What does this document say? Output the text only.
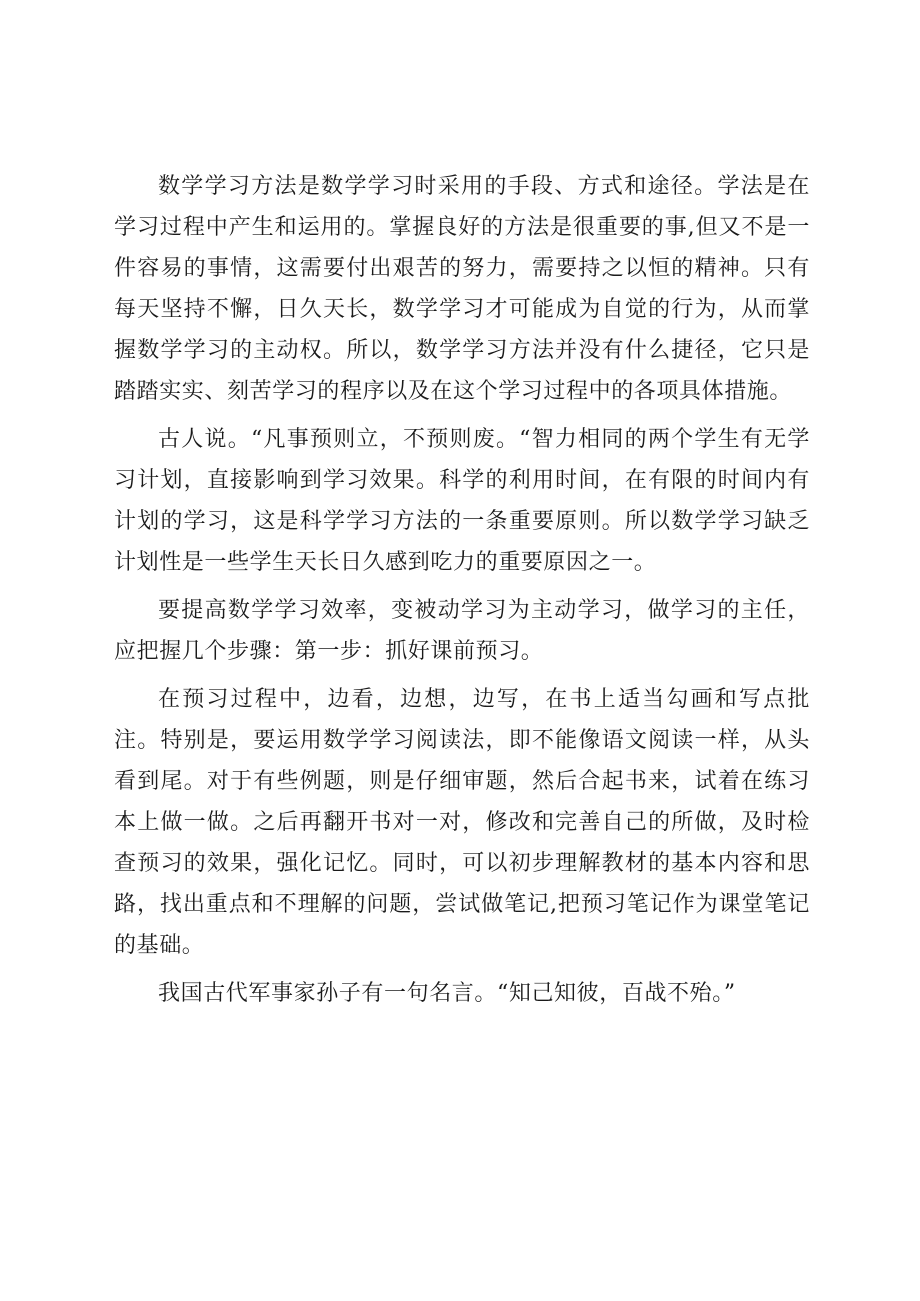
数学学习方法是数学学习时采用的手段、方式和途径。学法是在学习过程中产生和运用的。掌握良好的方法是很重要的事,但又不是一件容易的事情，这需要付出艰苦的努力，需要持之以恒的精神。只有每天坚持不懈，日久天长，数学学习才可能成为自觉的行为，从而掌握数学学习的主动权。所以，数学学习方法并没有什么捷径，它只是踏踏实实、刻苦学习的程序以及在这个学习过程中的各项具体措施。

古人说。“凡事预则立，不预则废。“智力相同的两个学生有无学习计划，直接影响到学习效果。科学的利用时间，在有限的时间内有计划的学习，这是科学学习方法的一条重要原则。所以数学学习缺乏计划性是一些学生天长日久感到吃力的重要原因之一。

要提高数学学习效率，变被动学习为主动学习，做学习的主任，应把握几个步骤：第一步：抓好课前预习。

在预习过程中，边看，边想，边写，在书上适当勾画和写点批注。特别是，要运用数学学习阅读法，即不能像语文阅读一样，从头看到尾。对于有些例题，则是仔细审题，然后合起书来，试着在练习本上做一做。之后再翻开书对一对，修改和完善自己的所做，及时检查预习的效果，强化记忆。同时，可以初步理解教材的基本内容和思路，找出重点和不理解的问题，尝试做笔记,把预习笔记作为课堂笔记的基础。

我国古代军事家孙子有一句名言。“知己知彼，百战不殆。”
